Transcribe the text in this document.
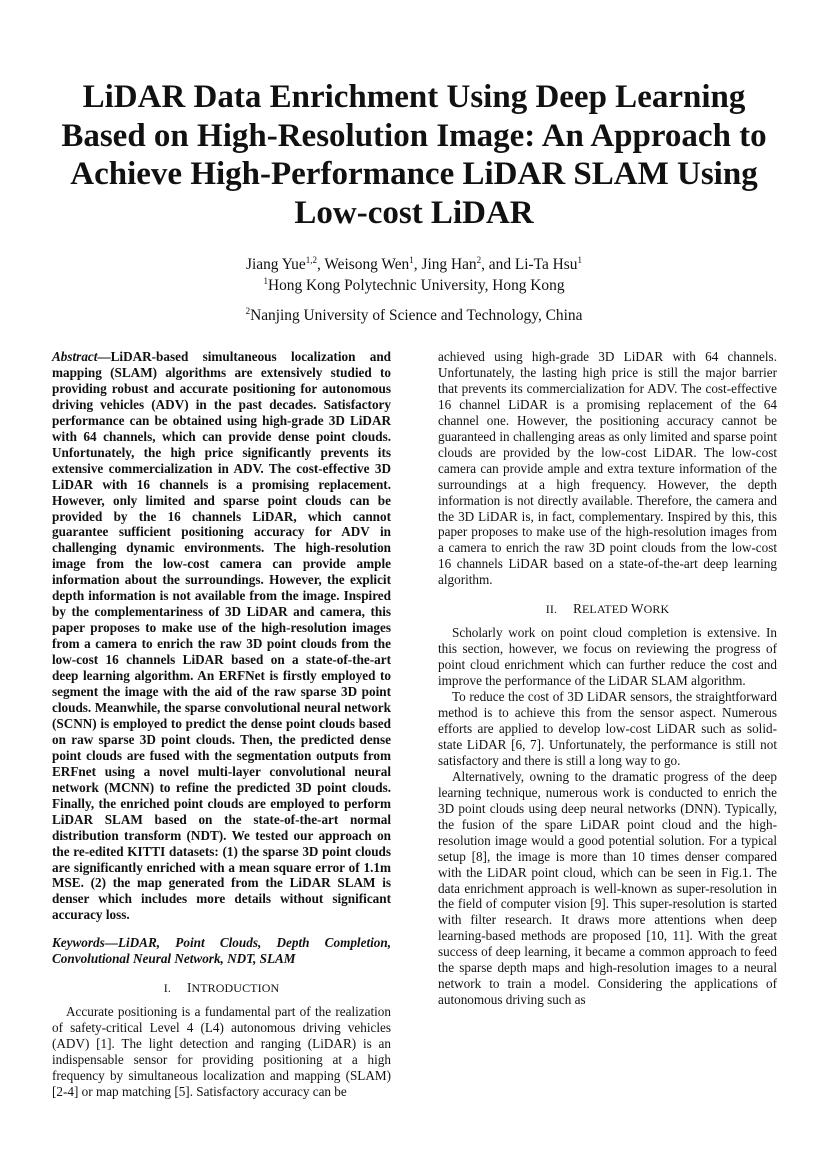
LiDAR Data Enrichment Using Deep Learning Based on High-Resolution Image: An Approach to Achieve High-Performance LiDAR SLAM Using Low-cost LiDAR
Jiang Yue$^{1,2}$, Weisong Wen$^1$, Jing Han$^2$, and Li-Ta Hsu$^1$
$^1$Hong Kong Polytechnic University, Hong Kong
$^2$Nanjing University of Science and Technology, China

Abstract—LiDAR-based simultaneous localization and mapping (SLAM) algorithms are extensively studied to providing robust and accurate positioning for autonomous driving vehicles (ADV) in the past decades. Satisfactory performance can be obtained using high-grade 3D LiDAR with 64 channels, which can provide dense point clouds. Unfortunately, the high price significantly prevents its extensive commercialization in ADV. The cost-effective 3D LiDAR with 16 channels is a promising replacement. However, only limited and sparse point clouds can be provided by the 16 channels LiDAR, which cannot guarantee sufficient positioning accuracy for ADV in challenging dynamic environments. The high-resolution image from the low-cost camera can provide ample information about the surroundings. However, the explicit depth information is not available from the image. Inspired by the complementariness of 3D LiDAR and camera, this paper proposes to make use of the high-resolution images from a camera to enrich the raw 3D point clouds from the low-cost 16 channels LiDAR based on a state-of-the-art deep learning algorithm. An ERFNet is firstly employed to segment the image with the aid of the raw sparse 3D point clouds. Meanwhile, the sparse convolutional neural network (SCNN) is employed to predict the dense point clouds based on raw sparse 3D point clouds. Then, the predicted dense point clouds are fused with the segmentation outputs from ERFnet using a novel multi-layer convolutional neural network (MCNN) to refine the predicted 3D point clouds. Finally, the enriched point clouds are employed to perform LiDAR SLAM based on the state-of-the-art normal distribution transform (NDT). We tested our approach on the re-edited KITTI datasets: (1) the sparse 3D point clouds are significantly enriched with a mean square error of 1.1m MSE. (2) the map generated from the LiDAR SLAM is denser which includes more details without significant accuracy loss.

Keywords—LiDAR, Point Clouds, Depth Completion, Convolutional Neural Network, NDT, SLAM

I. INTRODUCTION

Accurate positioning is a fundamental part of the realization of safety-critical Level 4 (L4) autonomous driving vehicles (ADV) [1]. The light detection and ranging (LiDAR) is an indispensable sensor for providing positioning at a high frequency by simultaneous localization and mapping (SLAM) [2-4] or map matching [5]. Satisfactory accuracy can be

achieved using high-grade 3D LiDAR with 64 channels. Unfortunately, the lasting high price is still the major barrier that prevents its commercialization for ADV. The cost-effective 16 channel LiDAR is a promising replacement of the 64 channel one. However, the positioning accuracy cannot be guaranteed in challenging areas as only limited and sparse point clouds are provided by the low-cost LiDAR. The low-cost camera can provide ample and extra texture information of the surroundings at a high frequency. However, the depth information is not directly available. Therefore, the camera and the 3D LiDAR is, in fact, complementary. Inspired by this, this paper proposes to make use of the high-resolution images from a camera to enrich the raw 3D point clouds from the low-cost 16 channels LiDAR based on a state-of-the-art deep learning algorithm.

II. RELATED WORK

Scholarly work on point cloud completion is extensive. In this section, however, we focus on reviewing the progress of point cloud enrichment which can further reduce the cost and improve the performance of the LiDAR SLAM algorithm.

To reduce the cost of 3D LiDAR sensors, the straightforward method is to achieve this from the sensor aspect. Numerous efforts are applied to develop low-cost LiDAR such as solid-state LiDAR [6, 7]. Unfortunately, the performance is still not satisfactory and there is still a long way to go.

Alternatively, owning to the dramatic progress of the deep learning technique, numerous work is conducted to enrich the 3D point clouds using deep neural networks (DNN). Typically, the fusion of the spare LiDAR point cloud and the high-resolution image would a good potential solution. For a typical setup [8], the image is more than 10 times denser compared with the LiDAR point cloud, which can be seen in Fig.1. The data enrichment approach is well-known as super-resolution in the field of computer vision [9]. This super-resolution is started with filter research. It draws more attentions when deep learning-based methods are proposed [10, 11]. With the great success of deep learning, it became a common approach to feed the sparse depth maps and high-resolution images to a neural network to train a model. Considering the applications of autonomous driving such as
